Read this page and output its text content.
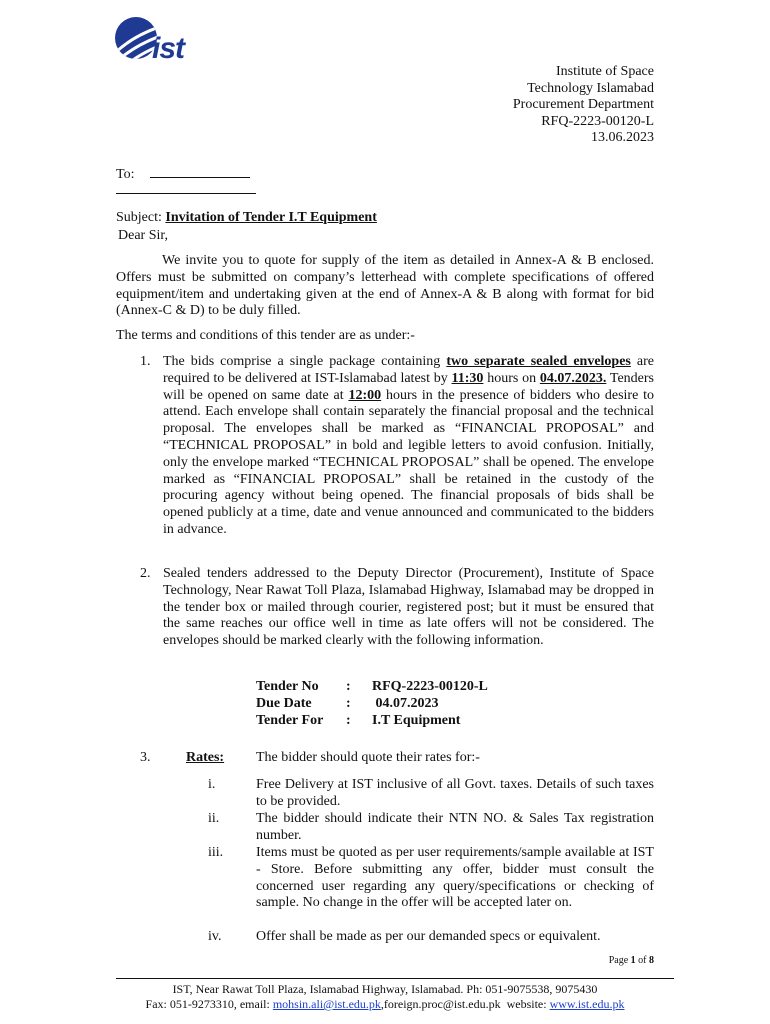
ist
Institute of Space
Technology Islamabad
Procurement Department
RFQ-2223-00120-L
13.06.2023
To:
Subject: Invitation of Tender I.T Equipment
Dear Sir,
We invite you to quote for supply of the item as detailed in Annex-A & B enclosed. Offers must be submitted on company’s letterhead with complete specifications of offered equipment/item and undertaking given at the end of Annex-A & B along with format for bid (Annex-C & D) to be duly filled.
The terms and conditions of this tender are as under:-
1. The bids comprise a single package containing two separate sealed envelopes are required to be delivered at IST-Islamabad latest by 11:30 hours on 04.07.2023. Tenders will be opened on same date at 12:00 hours in the presence of bidders who desire to attend. Each envelope shall contain separately the financial proposal and the technical proposal. The envelopes shall be marked as “FINANCIAL PROPOSAL” and “TECHNICAL PROPOSAL” in bold and legible letters to avoid confusion. Initially, only the envelope marked “TECHNICAL PROPOSAL” shall be opened. The envelope marked as “FINANCIAL PROPOSAL” shall be retained in the custody of the procuring agency without being opened. The financial proposals of bids shall be opened publicly at a time, date and venue announced and communicated to the bidders in advance.
2. Sealed tenders addressed to the Deputy Director (Procurement), Institute of Space Technology, Near Rawat Toll Plaza, Islamabad Highway, Islamabad may be dropped in the tender box or mailed through courier, registered post; but it must be ensured that the same reaches our office well in time as late offers will not be considered. The envelopes should be marked clearly with the following information.
Tender No	:	RFQ-2223-00120-L
Due Date	:	04.07.2023
Tender For	:	I.T Equipment
3.	Rates: The bidder should quote their rates for:-
i.	Free Delivery at IST inclusive of all Govt. taxes. Details of such taxes to be provided.
ii.	The bidder should indicate their NTN NO. & Sales Tax registration number.
iii. Items must be quoted as per user requirements/sample available at IST - Store. Before submitting any offer, bidder must consult the concerned user regarding any query/specifications or checking of sample. No change in the offer will be accepted later on.
iv. Offer shall be made as per our demanded specs or equivalent.
Page 1 of 8
IST, Near Rawat Toll Plaza, Islamabad Highway, Islamabad. Ph: 051-9075538, 9075430
Fax: 051-9273310, email: mohsin.ali@ist.edu.pk,foreign.proc@ist.edu.pk  website: www.ist.edu.pk
